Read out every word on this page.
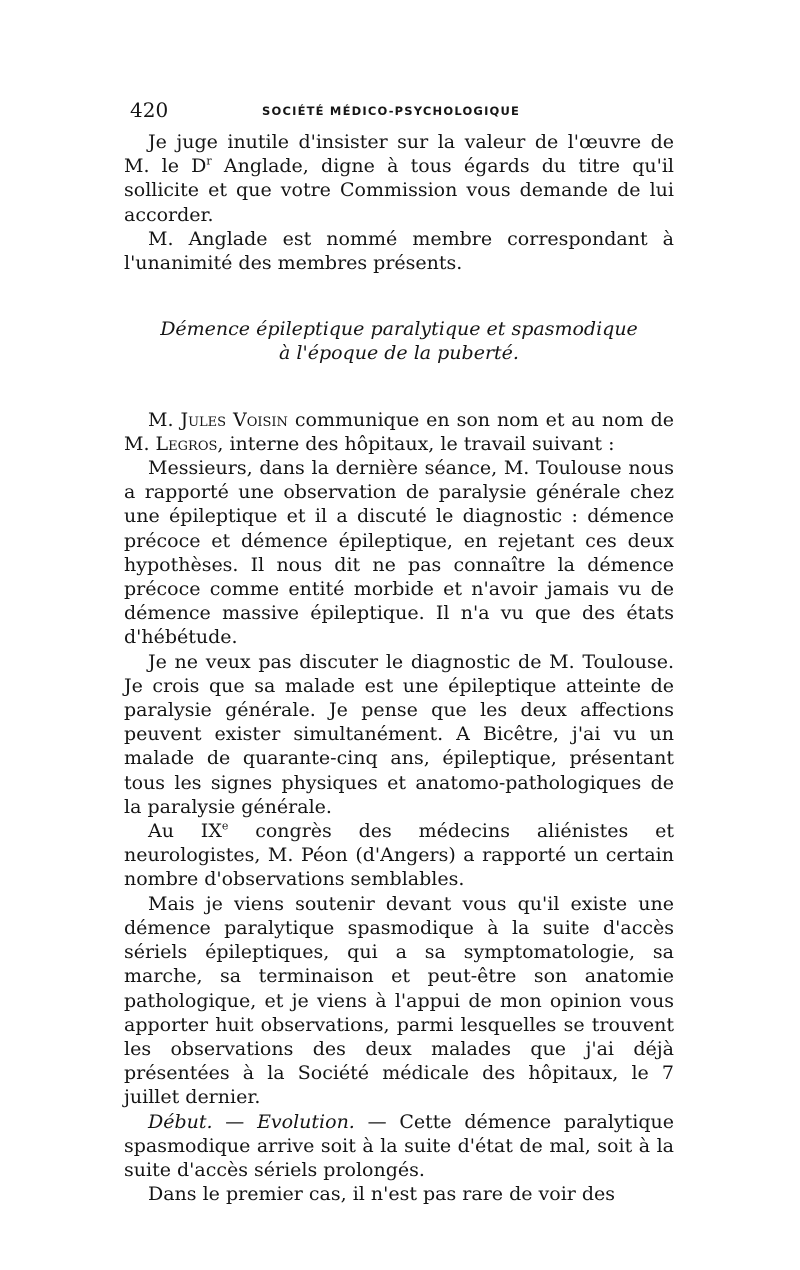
420	SOCIÉTÉ MÉDICO-PSYCHOLOGIQUE

Je juge inutile d'insister sur la valeur de l'œuvre de M. le $D^r$ Anglade, digne à tous égards du titre qu'il sollicite et que votre Commission vous demande de lui accorder.

M. Anglade est nommé membre correspondant à l'unanimité des membres présents.

Démence épileptique paralytique et spasmodique
à l'époque de la puberté.

M. Jules Voisin communique en son nom et au nom de M. Legros, interne des hôpitaux, le travail suivant :

Messieurs, dans la dernière séance, M. Toulouse nous a rapporté une observation de paralysie générale chez une épileptique et il a discuté le diagnostic : démence précoce et démence épileptique, en rejetant ces deux hypothèses. Il nous dit ne pas connaître la démence précoce comme entité morbide et n'avoir jamais vu de démence massive épileptique. Il n'a vu que des états d'hébétude.

Je ne veux pas discuter le diagnostic de M. Toulouse. Je crois que sa malade est une épileptique atteinte de paralysie générale. Je pense que les deux affections peuvent exister simultanément. A Bicêtre, j'ai vu un malade de quarante-cinq ans, épileptique, présentant tous les signes physiques et anatomo-pathologiques de la paralysie générale.

Au IXe congrès des médecins aliénistes et neurologistes, M. Péon (d'Angers) a rapporté un certain nombre d'observations semblables.

Mais je viens soutenir devant vous qu'il existe une démence paralytique spasmodique à la suite d'accès sériels épileptiques, qui a sa symptomatologie, sa marche, sa terminaison et peut-être son anatomie pathologique, et je viens à l'appui de mon opinion vous apporter huit observations, parmi lesquelles se trouvent les observations des deux malades que j'ai déjà présentées à la Société médicale des hôpitaux, le 7 juillet dernier.

Début. — Evolution. — Cette démence paralytique spasmodique arrive soit à la suite d'état de mal, soit à la suite d'accès sériels prolongés.

Dans le premier cas, il n'est pas rare de voir des
